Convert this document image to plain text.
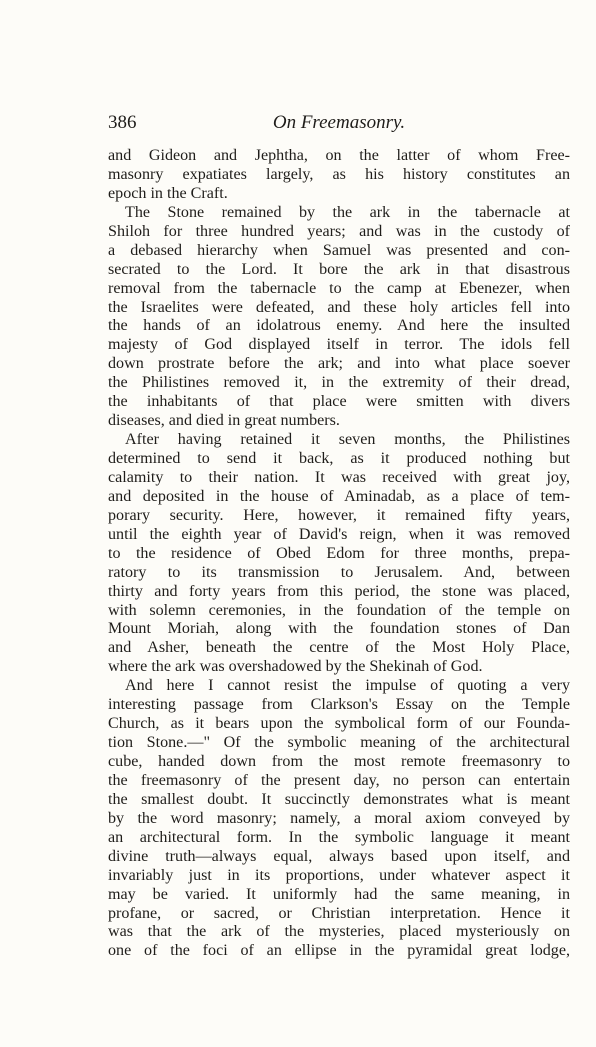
386	On Freemasonry.
and Gideon and Jephtha, on the latter of whom Free-
masonry expatiates largely, as his history constitutes an
epoch in the Craft.
The Stone remained by the ark in the tabernacle at
Shiloh for three hundred years; and was in the custody of
a debased hierarchy when Samuel was presented and con-
secrated to the Lord. It bore the ark in that disastrous
removal from the tabernacle to the camp at Ebenezer, when
the Israelites were defeated, and these holy articles fell into
the hands of an idolatrous enemy. And here the insulted
majesty of God displayed itself in terror. The idols fell
down prostrate before the ark; and into what place soever
the Philistines removed it, in the extremity of their dread,
the inhabitants of that place were smitten with divers
diseases, and died in great numbers.
After having retained it seven months, the Philistines
determined to send it back, as it produced nothing but
calamity to their nation. It was received with great joy,
and deposited in the house of Aminadab, as a place of tem-
porary security. Here, however, it remained fifty years,
until the eighth year of David's reign, when it was removed
to the residence of Obed Edom for three months, prepa-
ratory to its transmission to Jerusalem. And, between
thirty and forty years from this period, the stone was placed,
with solemn ceremonies, in the foundation of the temple on
Mount Moriah, along with the foundation stones of Dan
and Asher, beneath the centre of the Most Holy Place,
where the ark was overshadowed by the Shekinah of God.
And here I cannot resist the impulse of quoting a very
interesting passage from Clarkson's Essay on the Temple
Church, as it bears upon the symbolical form of our Founda-
tion Stone.—" Of the symbolic meaning of the architectural
cube, handed down from the most remote freemasonry to
the freemasonry of the present day, no person can entertain
the smallest doubt. It succinctly demonstrates what is meant
by the word masonry; namely, a moral axiom conveyed by
an architectural form. In the symbolic language it meant
divine truth—always equal, always based upon itself, and
invariably just in its proportions, under whatever aspect it
may be varied. It uniformly had the same meaning, in
profane, or sacred, or Christian interpretation. Hence it
was that the ark of the mysteries, placed mysteriously on
one of the foci of an ellipse in the pyramidal great lodge,
